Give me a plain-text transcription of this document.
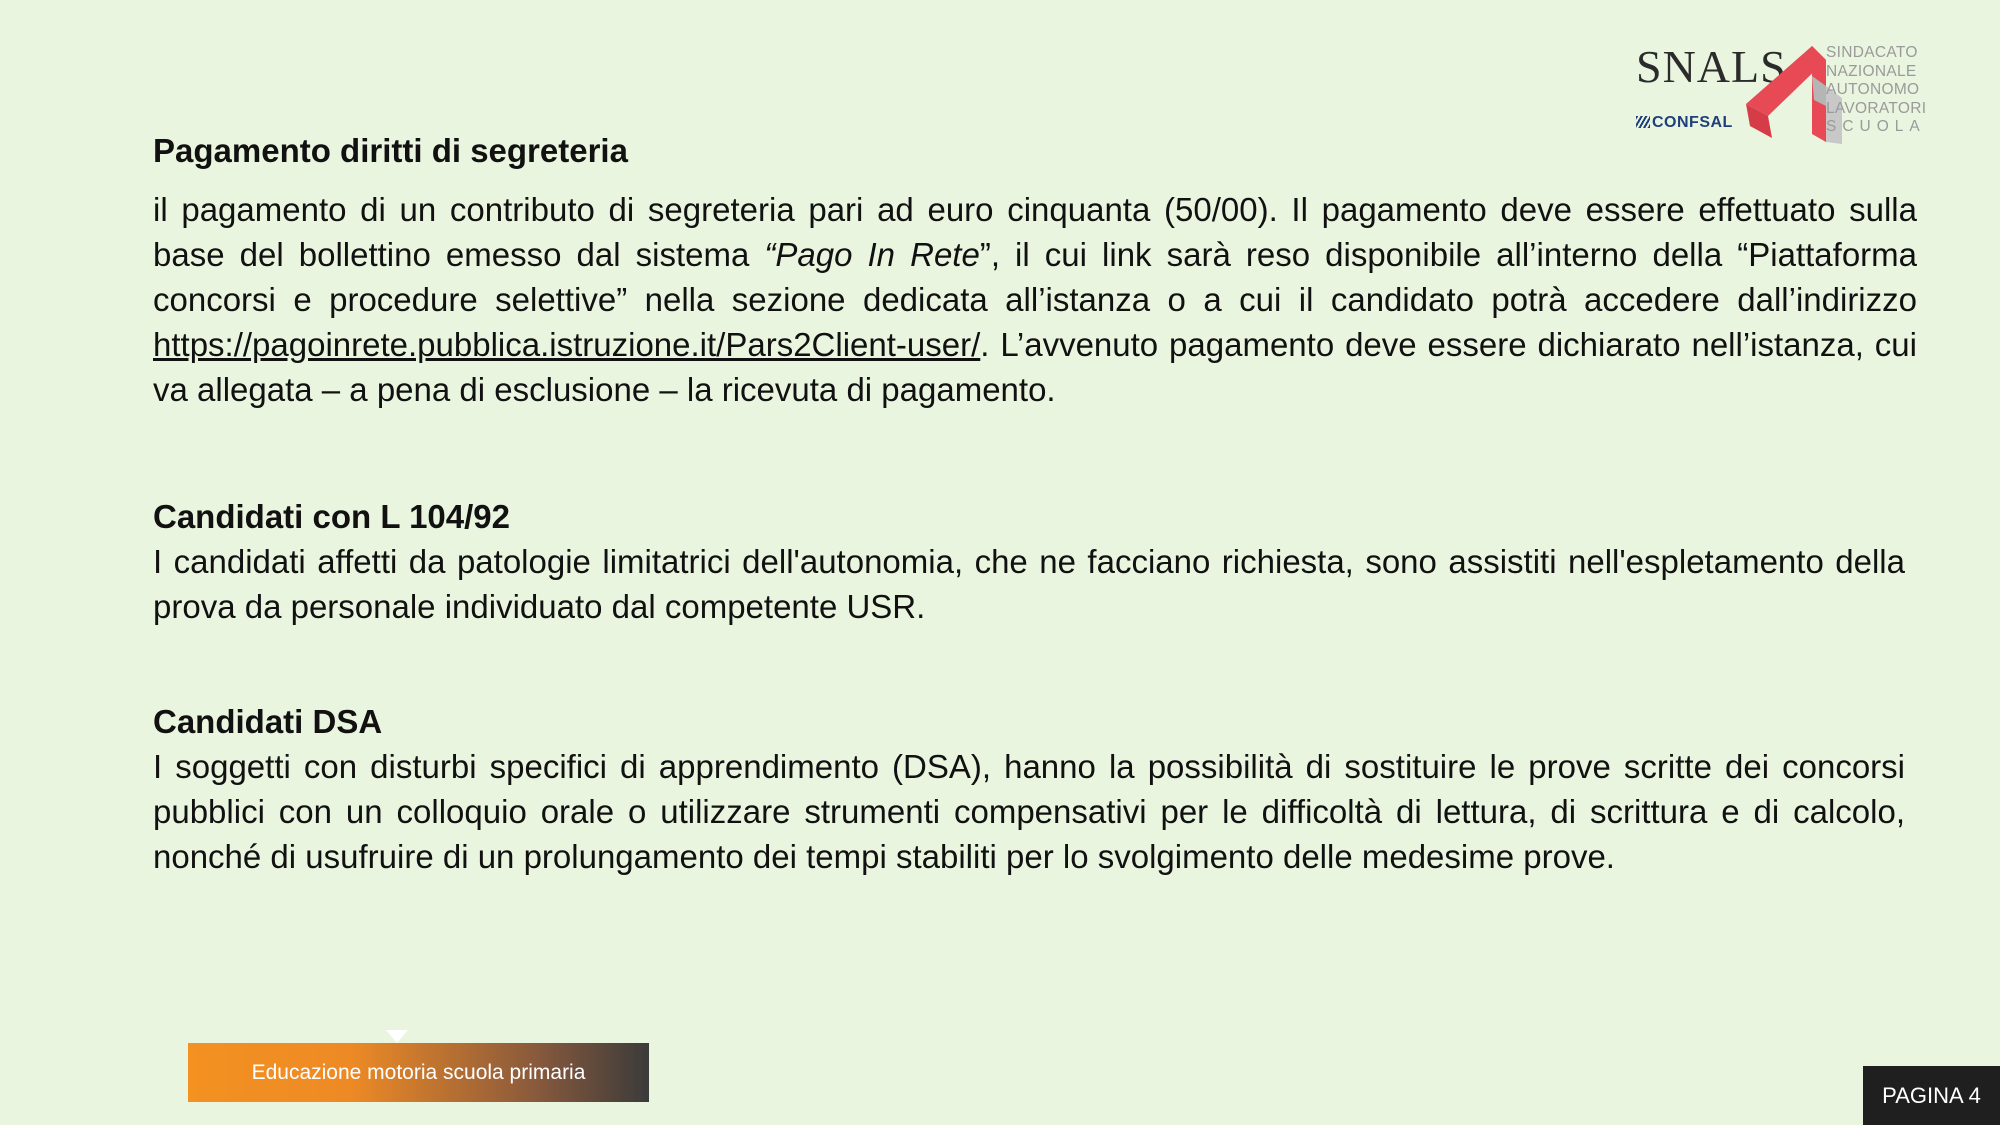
SNALS
CONFSAL
SINDACATO
NAZIONALE
AUTONOMO
LAVORATORI
SCUOLA
Pagamento diritti di segreteria

il pagamento di un contributo di segreteria pari ad euro cinquanta (50/00). Il pagamento deve essere effettuato sulla base del bollettino emesso dal sistema “Pago In Rete”, il cui link sarà reso disponibile all’interno della “Piattaforma concorsi e procedure selettive” nella sezione dedicata all’istanza o a cui il candidato potrà accedere dall’indirizzo https://pagoinrete.pubblica.istruzione.it/Pars2Client-user/. L’avvenuto pagamento deve essere dichiarato nell’istanza, cui va allegata – a pena di esclusione – la ricevuta di pagamento.

Candidati con L 104/92

I candidati affetti da patologie limitatrici dell'autonomia, che ne facciano richiesta, sono assistiti nell'espletamento della prova da personale individuato dal competente USR.

Candidati DSA

I soggetti con disturbi specifici di apprendimento (DSA), hanno la possibilità di sostituire le prove scritte dei concorsi pubblici con un colloquio orale o utilizzare strumenti compensativi per le difficoltà di lettura, di scrittura e di calcolo, nonché di usufruire di un prolungamento dei tempi stabiliti per lo svolgimento delle medesime prove.

Educazione motoria scuola primaria
PAGINA 4
